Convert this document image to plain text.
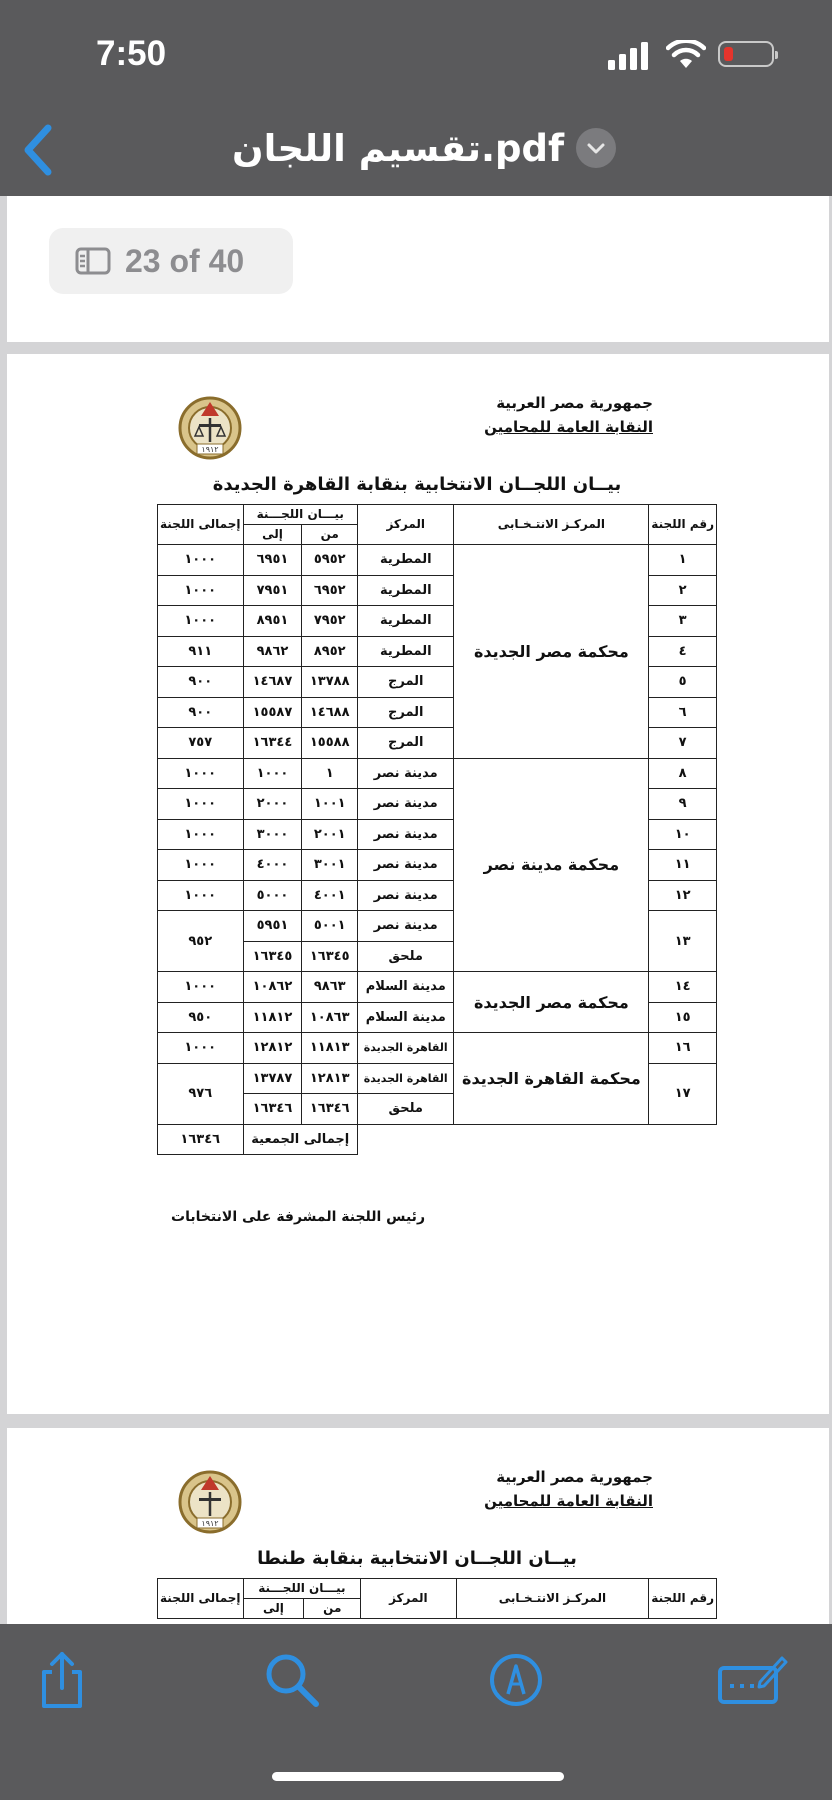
7:50
تقسيم اللجان.pdf
23 of 40
جمهورية مصر العربية
النقابة العامة للمحامين
١٩١٢
بيــان اللجــان الانتخابية بنقابة القاهرة الجديدة
رقم اللجنة	المركـز الانتـخـابى	المركز	بيـــان اللجـــنة		إجمالى اللجنة
			من	إلى	
١	محكمة مصر الجديدة	المطرية	٥٩٥٢	٦٩٥١	١٠٠٠
٢		المطرية	٦٩٥٢	٧٩٥١	١٠٠٠
٣		المطرية	٧٩٥٢	٨٩٥١	١٠٠٠
٤		المطرية	٨٩٥٢	٩٨٦٢	٩١١
٥		المرج	١٣٧٨٨	١٤٦٨٧	٩٠٠
٦		المرج	١٤٦٨٨	١٥٥٨٧	٩٠٠
٧		المرج	١٥٥٨٨	١٦٣٤٤	٧٥٧
٨	محكمة مدينة نصر	مدينة نصر	١	١٠٠٠	١٠٠٠
٩		مدينة نصر	١٠٠١	٢٠٠٠	١٠٠٠
١٠		مدينة نصر	٢٠٠١	٣٠٠٠	١٠٠٠
١١		مدينة نصر	٣٠٠١	٤٠٠٠	١٠٠٠
١٢		مدينة نصر	٤٠٠١	٥٠٠٠	١٠٠٠
١٣		مدينة نصر	٥٠٠١	٥٩٥١	٩٥٢
		ملحق	١٦٣٤٥	١٦٣٤٥	
١٤	محكمة مصر الجديدة	مدينة السلام	٩٨٦٣	١٠٨٦٢	١٠٠٠
١٥		مدينة السلام	١٠٨٦٣	١١٨١٢	٩٥٠
١٦	محكمة القاهرة الجديدة	القاهرة الجديدة	١١٨١٣	١٢٨١٢	١٠٠٠
١٧		القاهرة الجديدة	١٢٨١٣	١٣٧٨٧	٩٧٦
		ملحق	١٦٣٤٦	١٦٣٤٦	
			إجمالى الجمعية		١٦٣٤٦
رئيس اللجنة المشرفة على الانتخابات
جمهورية مصر العربية
النقابة العامة للمحامين
١٩١٢
بيــان اللجــان الانتخابية بنقابة طنطا
رقم اللجنة	المركـز الانتـخـابى	المركز	بيـــان اللجـــنة		إجمالى اللجنة
			من	إلى	
